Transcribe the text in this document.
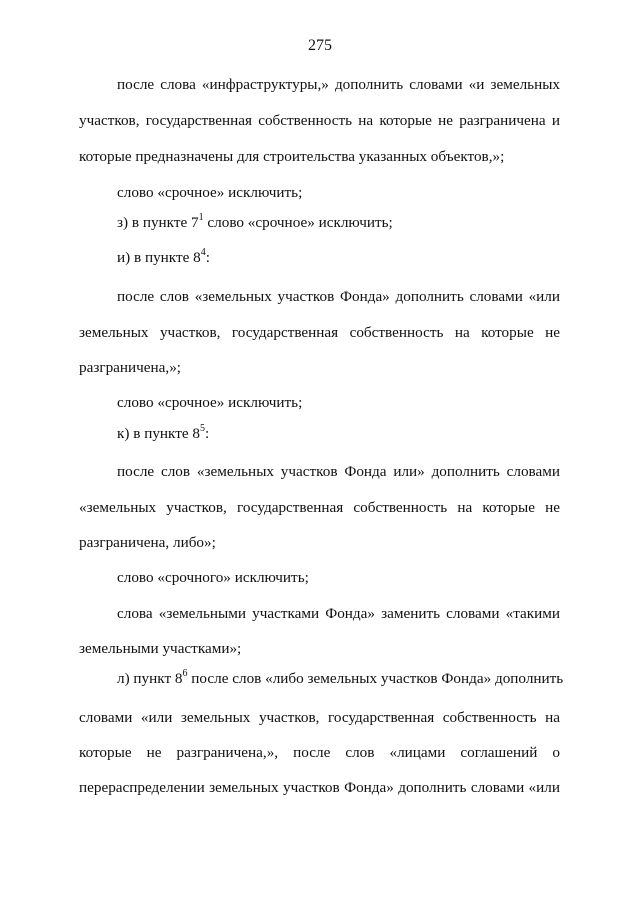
275
после слова «инфраструктуры,» дополнить словами «и земельных
участков, государственная собственность на которые не разграничена и
которые предназначены для строительства указанных объектов,»;
слово «срочное» исключить;
з) в пункте $7^1$ слово «срочное» исключить;
и) в пункте $8^4$:
после слов «земельных участков Фонда» дополнить словами «или
земельных участков, государственная собственность на которые не
разграничена,»;
слово «срочное» исключить;
к) в пункте $8^5$:
после слов «земельных участков Фонда или» дополнить словами
«земельных участков, государственная собственность на которые не
разграничена, либо»;
слово «срочного» исключить;
слова «земельными участками Фонда» заменить словами «такими
земельными участками»;
л) пункт $8^6$ после слов «либо земельных участков Фонда» дополнить
словами «или земельных участков, государственная собственность на
которые не разграничена,», после слов «лицами соглашений о
перераспределении земельных участков Фонда» дополнить словами «или
